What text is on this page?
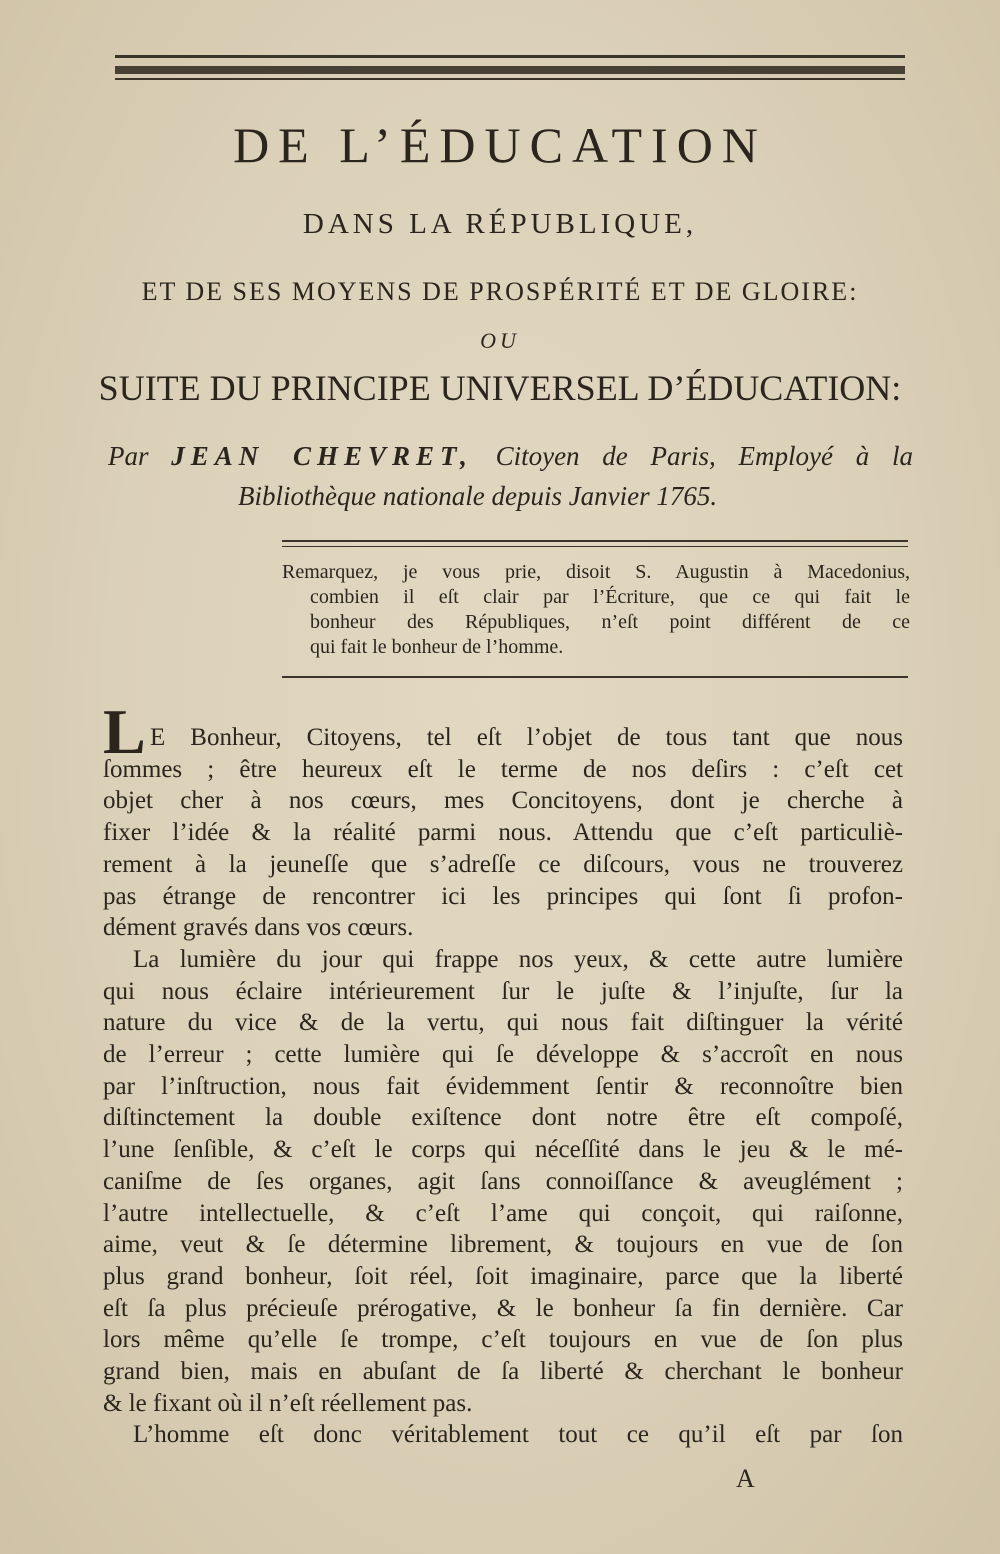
DE L’ÉDUCATION
DANS LA RÉPUBLIQUE,
ET DE SES MOYENS DE PROSPÉRITÉ ET DE GLOIRE:
OU
SUITE DU PRINCIPE UNIVERSEL D’ÉDUCATION:
Par JEAN CHEVRET, Citoyen de Paris, Employé à la
Bibliothèque nationale depuis Janvier 1765.
Remarquez, je vous prie, disoit S. Augustin à Macedonius,
combien il eſt clair par l’Écriture, que ce qui fait le
bonheur des Républiques, n’eſt point différent de ce
qui fait le bonheur de l’homme.
L E Bonheur, Citoyens, tel eſt l’objet de tous tant que nous
ſommes ; être heureux eſt le terme de nos deſirs : c’eſt cet
objet cher à nos cœurs, mes Concitoyens, dont je cherche à
fixer l’idée & la réalité parmi nous. Attendu que c’eſt particuliè-
rement à la jeuneſſe que s’adreſſe ce diſcours, vous ne trouverez
pas étrange de rencontrer ici les principes qui ſont ſi profon-
dément gravés dans vos cœurs.
La lumière du jour qui frappe nos yeux, & cette autre lumière
qui nous éclaire intérieurement ſur le juſte & l’injuſte, ſur la
nature du vice & de la vertu, qui nous fait diſtinguer la vérité
de l’erreur ; cette lumière qui ſe développe & s’accroît en nous
par l’inſtruction, nous fait évidemment ſentir & reconnoître bien
diſtinctement la double exiſtence dont notre être eſt compoſé,
l’une ſenſible, & c’eſt le corps qui néceſſité dans le jeu & le mé-
caniſme de ſes organes, agit ſans connoiſſance & aveuglément ;
l’autre intellectuelle, & c’eſt l’ame qui conçoit, qui raiſonne,
aime, veut & ſe détermine librement, & toujours en vue de ſon
plus grand bonheur, ſoit réel, ſoit imaginaire, parce que la liberté
eſt ſa plus précieuſe prérogative, & le bonheur ſa fin dernière. Car
lors même qu’elle ſe trompe, c’eſt toujours en vue de ſon plus
grand bien, mais en abuſant de ſa liberté & cherchant le bonheur
& le fixant où il n’eſt réellement pas.
L’homme eſt donc véritablement tout ce qu’il eſt par ſon
A
